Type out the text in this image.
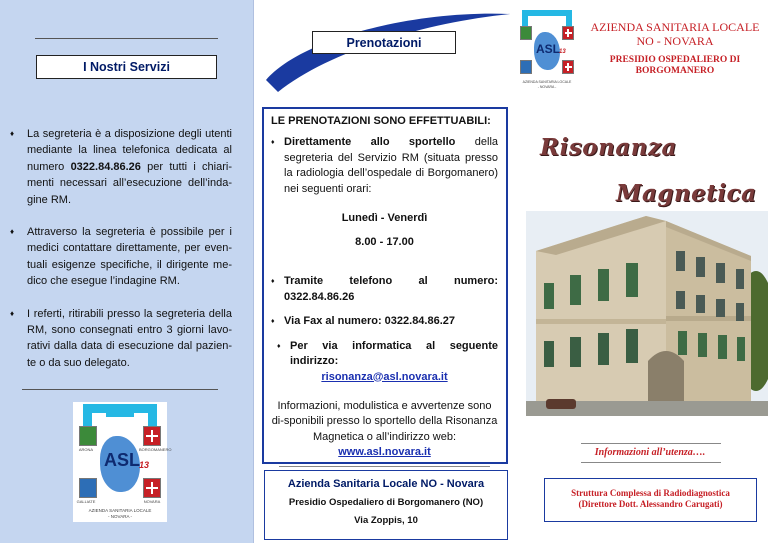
I Nostri Servizi
♦ La segreteria è a disposizione degli utenti mediante la linea telefonica dedicata al numero 0322.84.86.26 per tutti i chiari-menti necessari all’esecuzione dell’inda-gine RM.
♦ Attraverso la segreteria è possibile per i medici contattare direttamente, per even-tuali esigenze specifiche, il dirigente me-dico che esegue l’indagine RM.
♦ I referti, ritirabili presso la segreteria della RM, sono consegnati entro 3 giorni lavo-rativi dalla data di esecuzione dal pazien-te o da suo delegato.
ASL 13
ARONA	BORGOMANERO
GALLIATE	NOVARA
AZIENDA SANITARIA LOCALE
- NOVARA -
Prenotazioni
LE PRENOTAZIONI SONO EFFETTUABILI:
♦ Direttamente allo sportello della segreteria del Servizio RM (situata presso la radiologia dell’ospedale di Borgomanero) nei seguenti orari:
Lunedì - Venerdì
8.00 - 17.00
♦ Tramite telefono al numero: 0322.84.86.26
♦ Via Fax al numero: 0322.84.86.27
♦ Per via informatica al seguente indirizzo:
risonanza@asl.novara.it
Informazioni, modulistica e avvertenze sono di-sponibili presso lo sportello della Risonanza Magnetica o all’indirizzo web:
www.asl.novara.it
Azienda Sanitaria Locale NO - Novara
Presidio Ospedaliero di Borgomanero (NO)
Via Zoppis, 10
ASL 13
AZIENDA SANITARIA LOCALE
- NOVARA -
AZIENDA SANITARIA LOCALE
NO - NOVARA
PRESIDIO OSPEDALIERO DI
BORGOMANERO
Risonanza
Magnetica
Informazioni all’utenza….
Struttura Complessa di Radiodiagnostica
(Direttore Dott. Alessandro Carugati)
